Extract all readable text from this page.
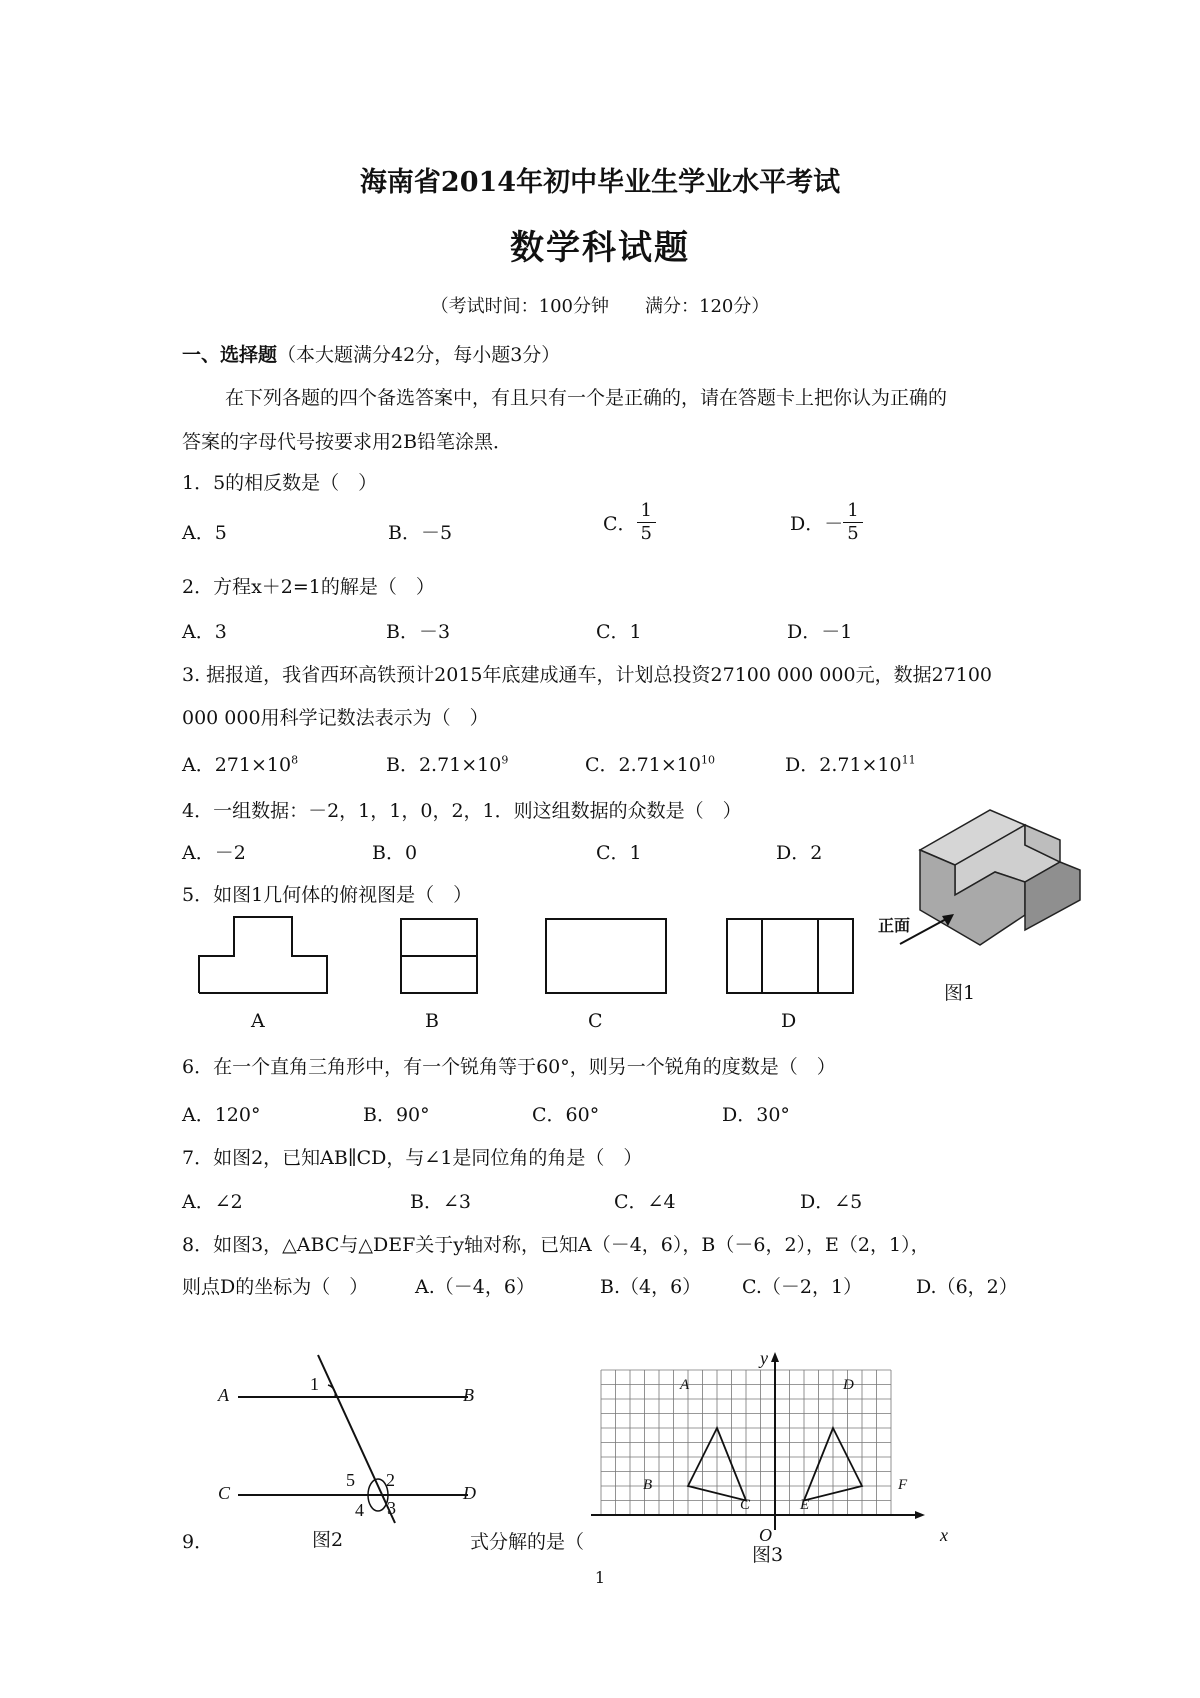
海南省2014年初中毕业生学业水平考试
数学科试题
（考试时间：100分钟　　满分：120分）
一、选择题（本大题满分42分，每小题3分）
在下列各题的四个备选答案中，有且只有一个是正确的，请在答题卡上把你认为正确的
答案的字母代号按要求用2B铅笔涂黑．
1．5的相反数是（　）
A．5	B．－5	C． $\frac{1}{5}$	D．－ $\frac{1}{5}$
2．方程x＋2=1的解是（　）
A．3	B．－3	C．1	D．－1
3. 据报道，我省西环高铁预计2015年底建成通车，计划总投资27100 000 000元，数据27100
000 000用科学记数法表示为（　）
A．$271\times 10^8$	B．$2.71\times 10^9$	C．$2.71\times 10^{10}$	D．$2.71\times 10^{11}$
4．一组数据：－2，1，1，0，2，1．则这组数据的众数是（　）
A．－2	B．0	C．1	D．2
5．如图1几何体的俯视图是（　）
A	B	C	D
正面
图1
6．在一个直角三角形中，有一个锐角等于60°，则另一个锐角的度数是（　）
A．120°	B．90°	C．60°	D．30°
7．如图2，已知AB∥CD，与∠1是同位角的角是（　）
A．∠2	B．∠3	C．∠4	D．∠5
8．如图3，△ABC与△DEF关于y轴对称，已知A（－4，6），B（－6，2），E（2，1），
则点D的坐标为（　） A.（－4，6）	B.（4，6） C.（－2，1）	D.（6，2）
A	B
C	D
1
2
3
4
5
图2
y
x
O
A
B
C
D
E
F
图3
9．	式分解的是（
1
